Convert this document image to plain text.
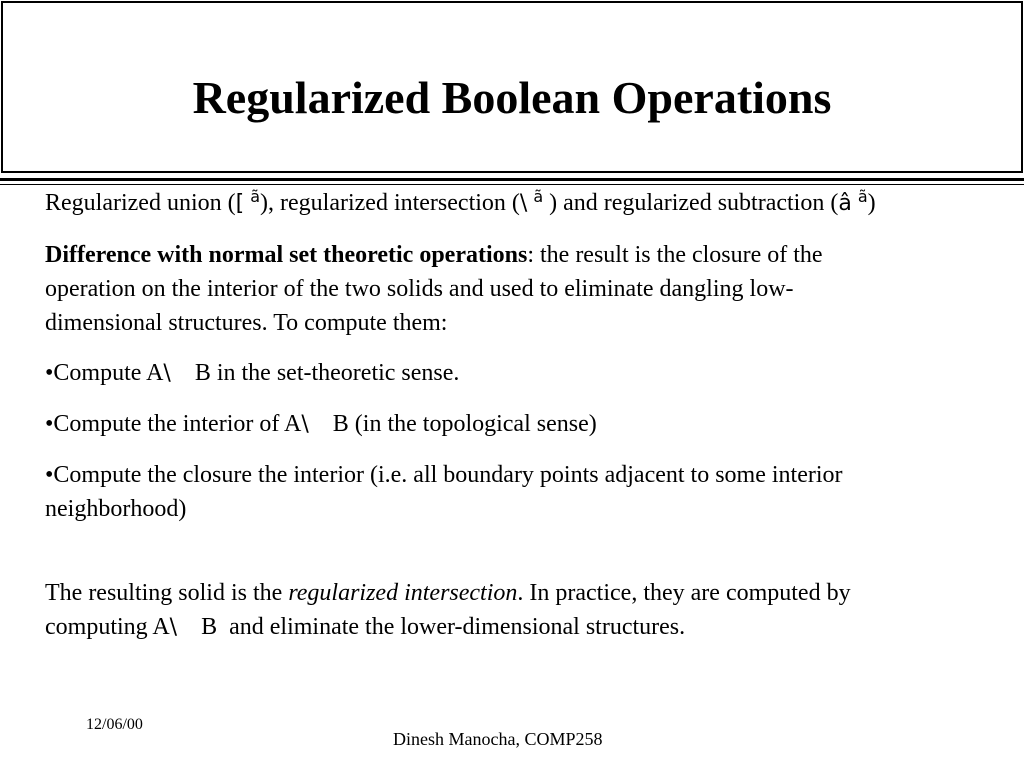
Regularized Boolean Operations

Regularized union ([ $^ã$), regularized intersection (\ $^ã$ ) and regularized subtraction (â $^ã$)

Difference with normal set theoretic operations: the result is the closure of the operation on the interior of the two solids and used to eliminate dangling low-dimensional structures. To compute them:

•Compute A\    B in the set-theoretic sense.

•Compute the interior of A\    B (in the topological sense)

•Compute the closure the interior (i.e. all boundary points adjacent to some interior neighborhood)

The resulting solid is the regularized intersection. In practice, they are computed by computing A\    B  and eliminate the lower-dimensional structures.

12/06/00
Dinesh Manocha, COMP258
